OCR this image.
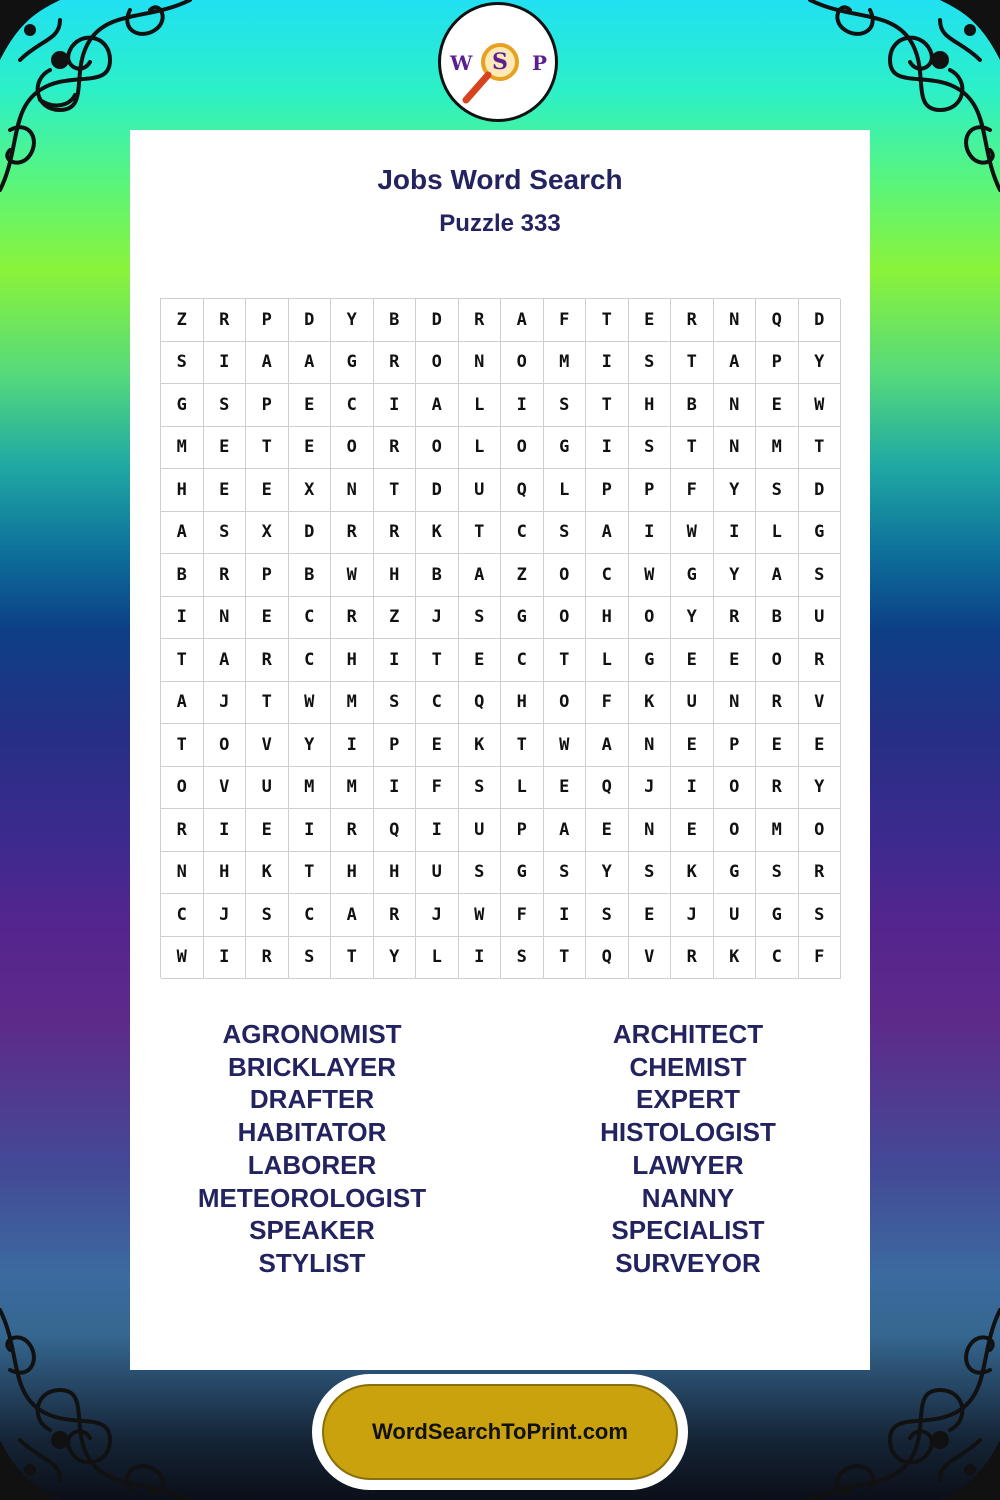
W S P
Jobs Word Search
Puzzle 333
Z	R	P	D	Y	B	D	R	A	F	T	E	R	N	Q	D
S	I	A	A	G	R	O	N	O	M	I	S	T	A	P	Y
G	S	P	E	C	I	A	L	I	S	T	H	B	N	E	W
M	E	T	E	O	R	O	L	O	G	I	S	T	N	M	T
H	E	E	X	N	T	D	U	Q	L	P	P	F	Y	S	D
A	S	X	D	R	R	K	T	C	S	A	I	W	I	L	G
B	R	P	B	W	H	B	A	Z	O	C	W	G	Y	A	S
I	N	E	C	R	Z	J	S	G	O	H	O	Y	R	B	U
T	A	R	C	H	I	T	E	C	T	L	G	E	E	O	R
A	J	T	W	M	S	C	Q	H	O	F	K	U	N	R	V
T	O	V	Y	I	P	E	K	T	W	A	N	E	P	E	E
O	V	U	M	M	I	F	S	L	E	Q	J	I	O	R	Y
R	I	E	I	R	Q	I	U	P	A	E	N	E	O	M	O
N	H	K	T	H	H	U	S	G	S	Y	S	K	G	S	R
C	J	S	C	A	R	J	W	F	I	S	E	J	U	G	S
W	I	R	S	T	Y	L	I	S	T	Q	V	R	K	C	F
AGRONOMIST
BRICKLAYER
DRAFTER
HABITATOR
LABORER
METEOROLOGIST
SPEAKER
STYLIST
ARCHITECT
CHEMIST
EXPERT
HISTOLOGIST
LAWYER
NANNY
SPECIALIST
SURVEYOR
WordSearchToPrint.com
